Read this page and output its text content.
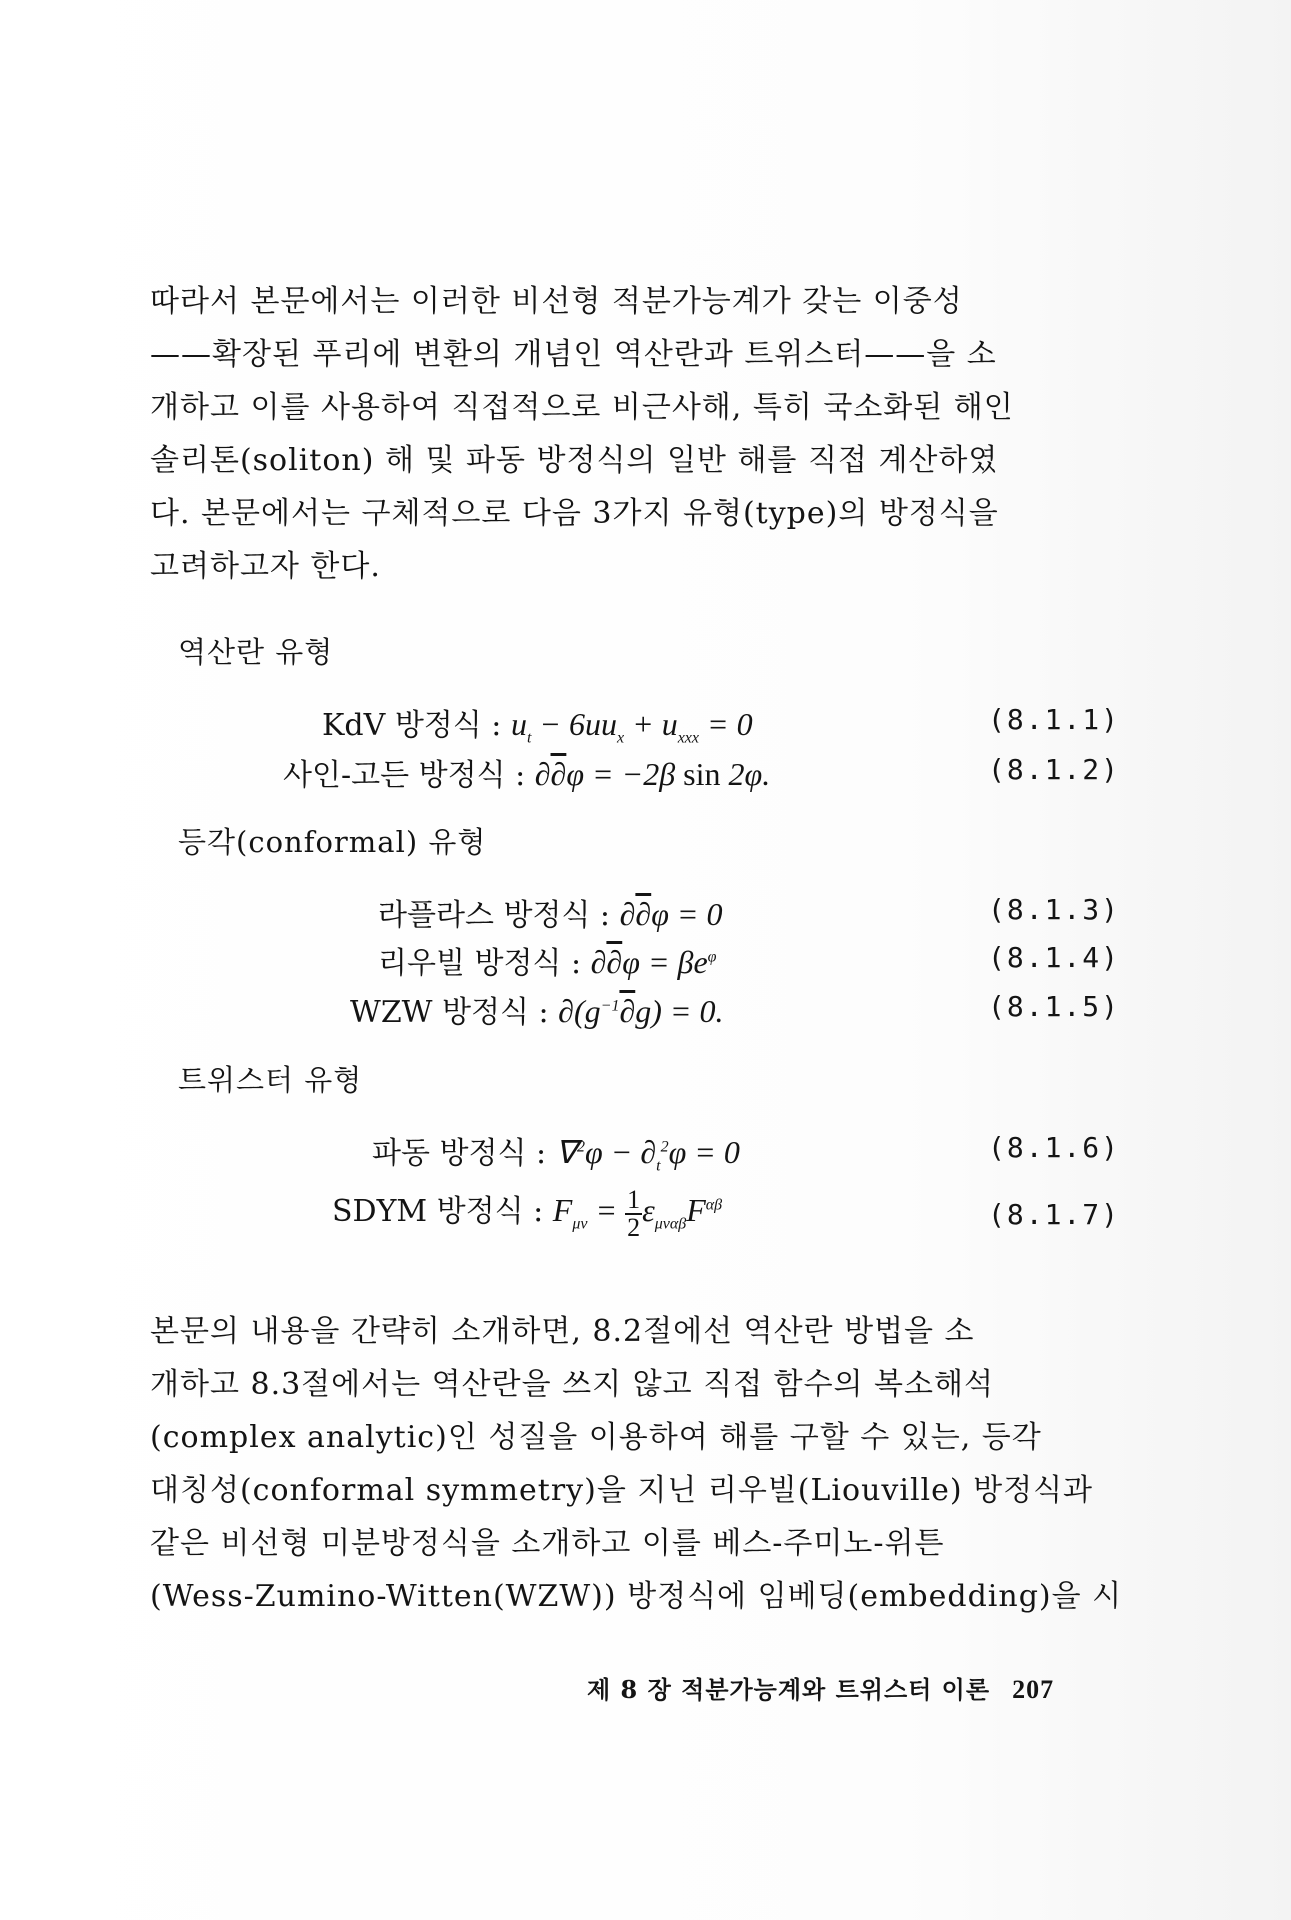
따라서 본문에서는 이러한 비선형 적분가능계가 갖는 이중성
——확장된 푸리에 변환의 개념인 역산란과 트위스터——을 소
개하고 이를 사용하여 직접적으로 비근사해, 특히 국소화된 해인
솔리톤(soliton) 해 및 파동 방정식의 일반 해를 직접 계산하였
다. 본문에서는 구체적으로 다음 3가지 유형(type)의 방정식을
고려하고자 한다.
역산란 유형
KdV 방정식 : $u_t - 6uu_x + u_{xxx} = 0$	(8.1.1)
사인-고든 방정식 : ∂∂φ = −2β sin 2φ.	(8.1.2)
등각(conformal) 유형
라플라스 방정식 : ∂∂φ = 0	(8.1.3)
리우빌 방정식 : $\partial\partial\varphi = \beta e^\varphi$	(8.1.4)
WZW 방정식 : $\partial(g^{-1}\partial g) = 0$.	(8.1.5)
트위스터 유형
파동 방정식 : $\nabla^2\varphi - \partial_t^2\varphi = 0$	(8.1.6)
SDYM 방정식 : $F_{\mu\nu} = \frac{1}{2} \varepsilon_{\mu\nu\alpha\beta}F^{\alpha\beta}$	(8.1.7)
본문의 내용을 간략히 소개하면, 8.2절에선 역산란 방법을 소
개하고 8.3절에서는 역산란을 쓰지 않고 직접 함수의 복소해석
(complex analytic)인 성질을 이용하여 해를 구할 수 있는, 등각
대칭성(conformal symmetry)을 지닌 리우빌(Liouville) 방정식과
같은 비선형 미분방정식을 소개하고 이를 베스-주미노-위튼
(Wess-Zumino-Witten(WZW)) 방정식에 임베딩(embedding)을 시
제 8 장 적분가능계와 트위스터 이론 207
